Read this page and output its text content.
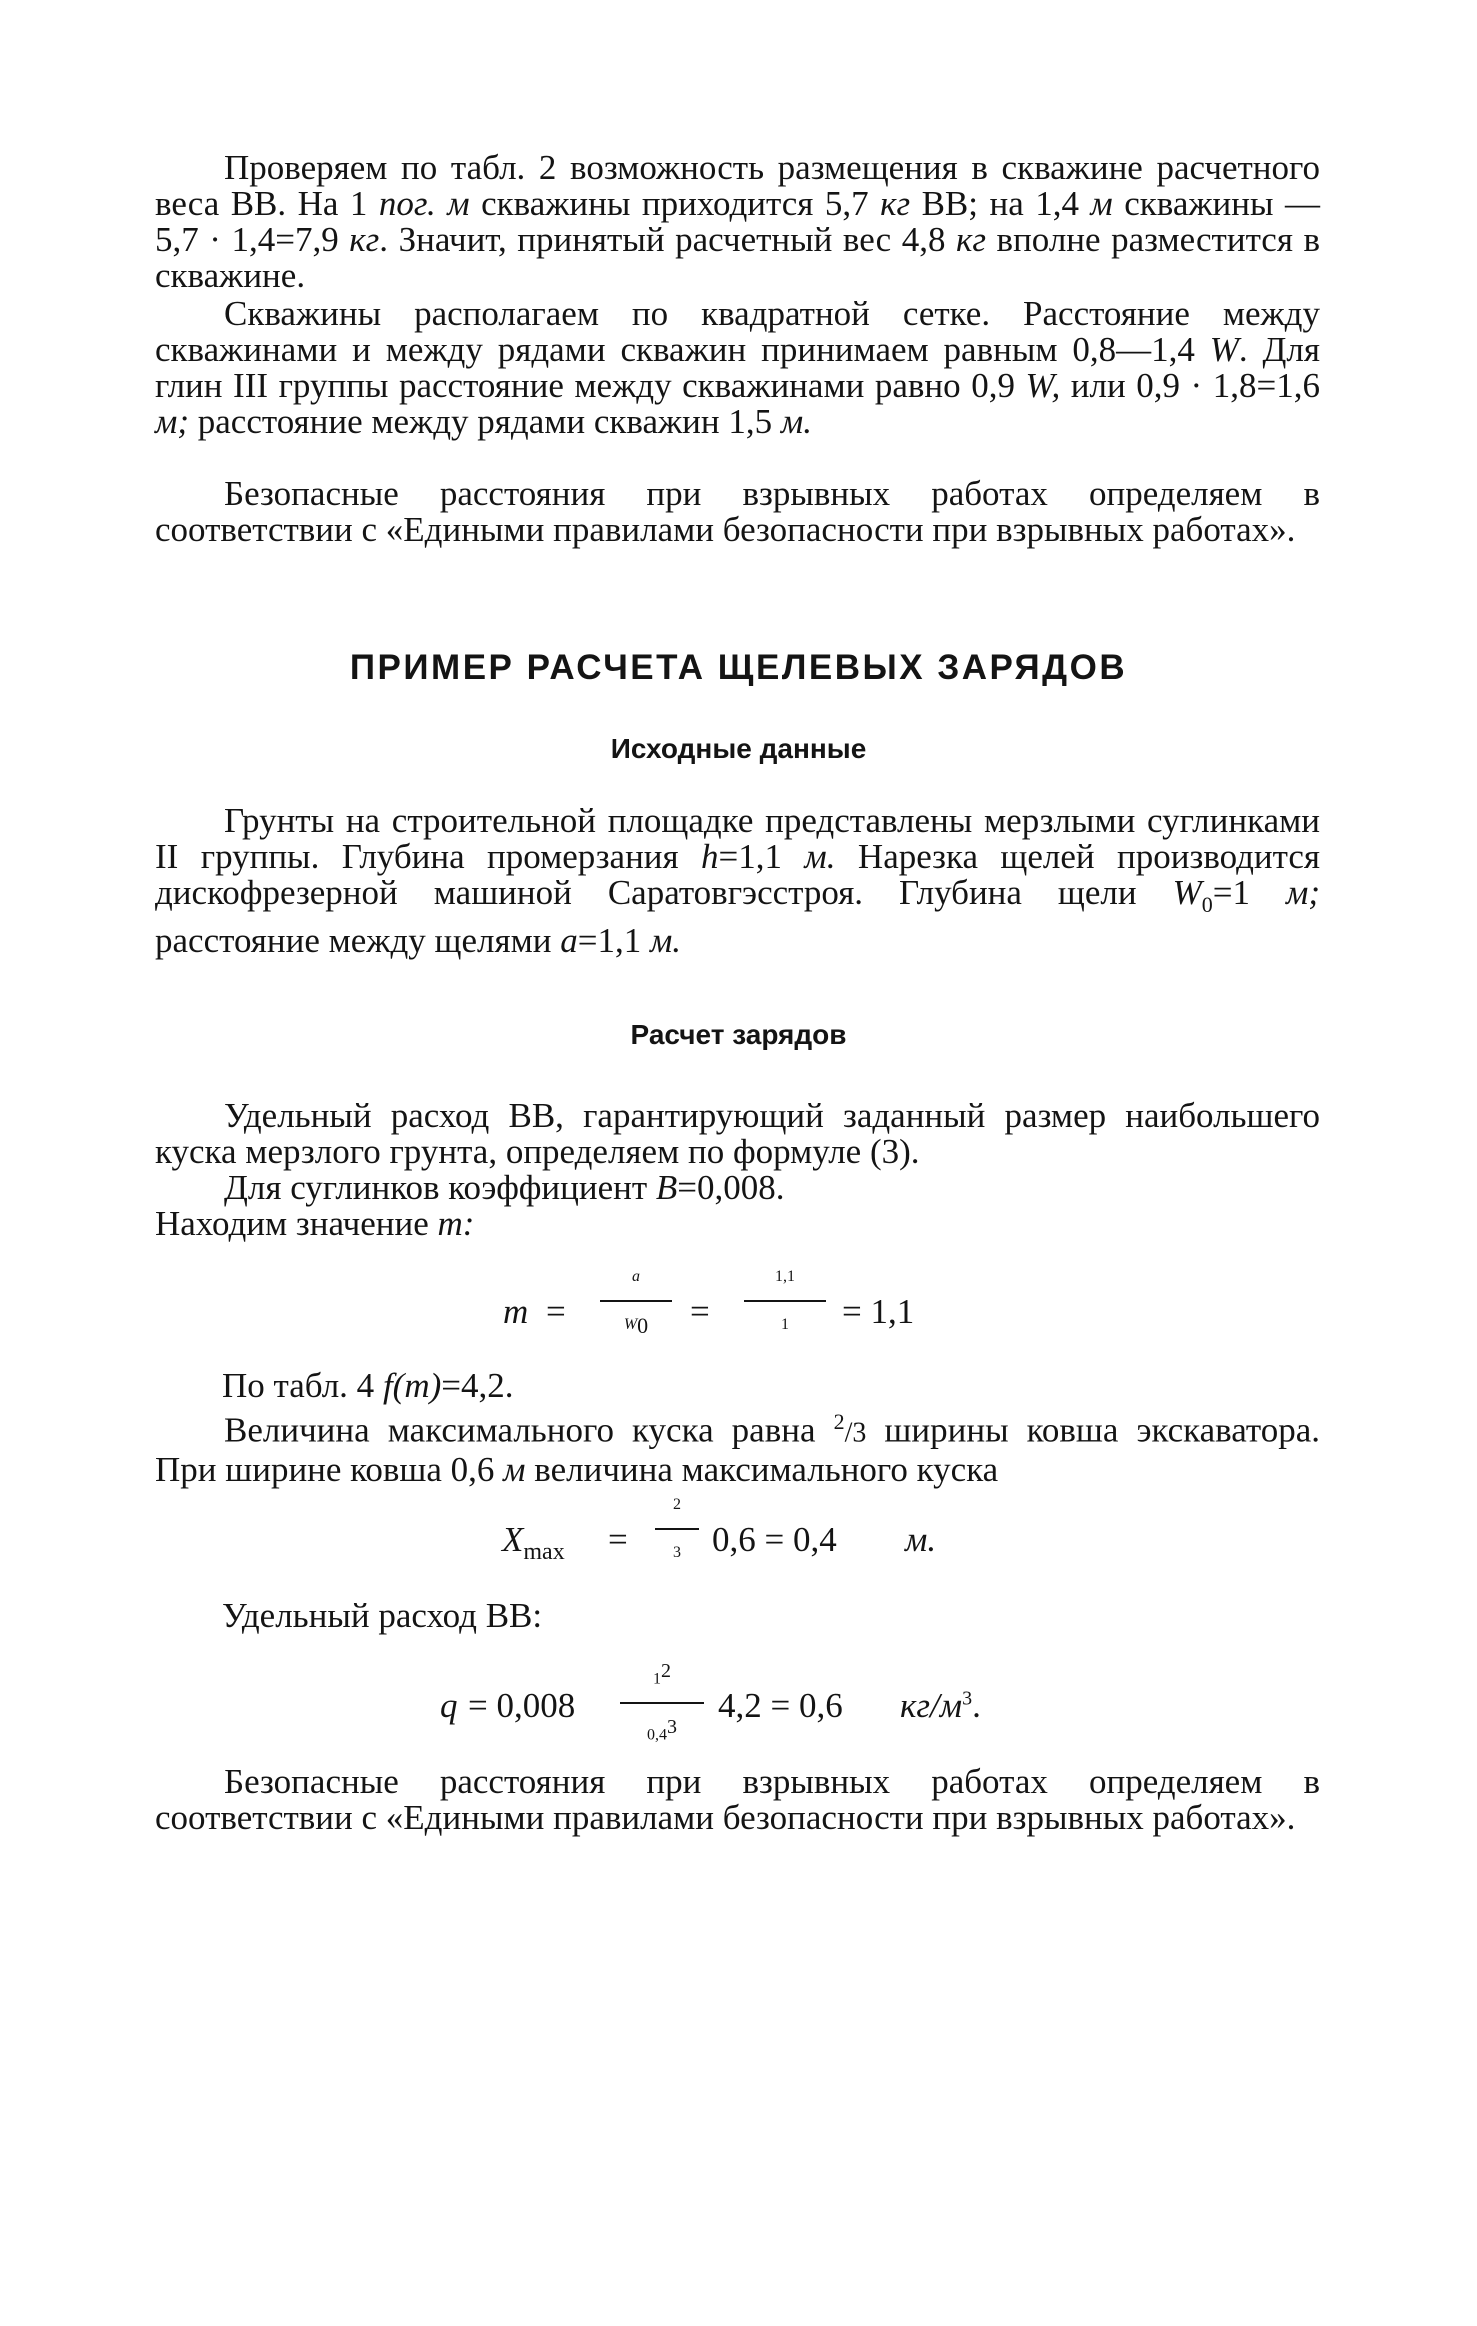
Проверяем по табл. 2 возможность размещения в скважине расчетного веса ВВ. На 1 пог. м скважины приходится 5,7 кг ВВ; на 1,4 м скважины — 5,7 · 1,4=7,9 кг. Значит, принятый расчетный вес 4,8 кг вполне разместится в скважине.

Скважины располагаем по квадратной сетке. Расстояние между скважинами и между рядами скважин принимаем равным 0,8—1,4 W. Для глин III группы расстояние между скважинами равно 0,9 W, или 0,9 · 1,8=1,6 м; расстояние между рядами скважин 1,5 м.

Безопасные расстояния при взрывных работах определяем в соответствии с «Едиными правилами безопасности при взрывных работах».

ПРИМЕР РАСЧЕТА ЩЕЛЕВЫХ ЗАРЯДОВ
Исходные данные

Грунты на строительной площадке представлены мерзлыми суглинками II группы. Глубина промерзания h=1,1 м. Нарезка щелей производится дискофрезерной машиной Саратовгэсстроя. Глубина щели $W_0=1$ м; расстояние между щелями a=1,1 м.

Расчет зарядов

Удельный расход ВВ, гарантирующий заданный размер наибольшего куска мерзлого грунта, определяем по формуле (3).

Для суглинков коэффициент B=0,008.

Находим значение m:

m =
a
$W_0$	=
1,1
1	= 1,1

По табл. 4 f(m)=4,2.

Величина максимального куска равна $^2$/3 ширины ковша экскаватора. При ширине ковша 0,6 м величина максимального куска

$X_{max}$ =
2
3 0,6 = 0,4 м.

Удельный расход ВВ:

q = 0,008
$1^2$
$0,4^3$
4,2 = 0,6 $кг/м^3$.

Безопасные расстояния при взрывных работах определяем в соответствии с «Едиными правилами безопасности при взрывных работах».
